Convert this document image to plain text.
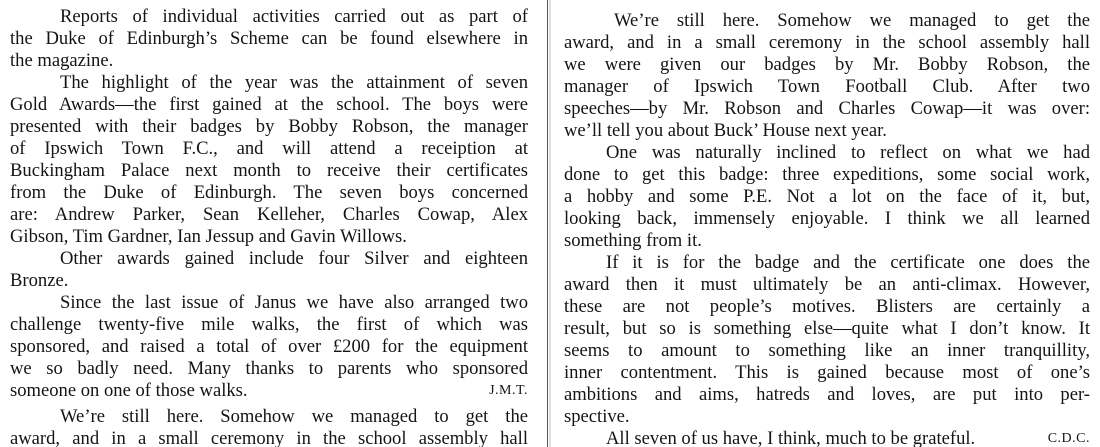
Reports of individual activities carried out as part of
the Duke of Edinburgh’s Scheme can be found elsewhere in
the magazine.
The highlight of the year was the attainment of seven
Gold Awards—the first gained at the school. The boys were
presented with their badges by Bobby Robson, the manager
of Ipswich Town F.C., and will attend a receiption at
Buckingham Palace next month to receive their certificates
from the Duke of Edinburgh. The seven boys concerned
are: Andrew Parker, Sean Kelleher, Charles Cowap, Alex
Gibson, Tim Gardner, Ian Jessup and Gavin Willows.
Other awards gained include four Silver and eighteen
Bronze.
Since the last issue of Janus we have also arranged two
challenge twenty-five mile walks, the first of which was
sponsored, and raised a total of over £200 for the equipment
we so badly need. Many thanks to parents who sponsored
someone on one of those walks.	J.M.T.
We’re still here. Somehow we managed to get the
award, and in a small ceremony in the school assembly hall
We’re still here. Somehow we managed to get the
award, and in a small ceremony in the school assembly hall
we were given our badges by Mr. Bobby Robson, the
manager of Ipswich Town Football Club. After two
speeches—by Mr. Robson and Charles Cowap—it was over:
we’ll tell you about Buck’ House next year.
One was naturally inclined to reflect on what we had
done to get this badge: three expeditions, some social work,
a hobby and some P.E. Not a lot on the face of it, but,
looking back, immensely enjoyable. I think we all learned
something from it.
If it is for the badge and the certificate one does the
award then it must ultimately be an anti-climax. However,
these are not people’s motives. Blisters are certainly a
result, but so is something else—quite what I don’t know. It
seems to amount to something like an inner tranquillity,
inner contentment. This is gained because most of one’s
ambitions and aims, hatreds and loves, are put into per-
spective.
All seven of us have, I think, much to be grateful.	C.D.C.
